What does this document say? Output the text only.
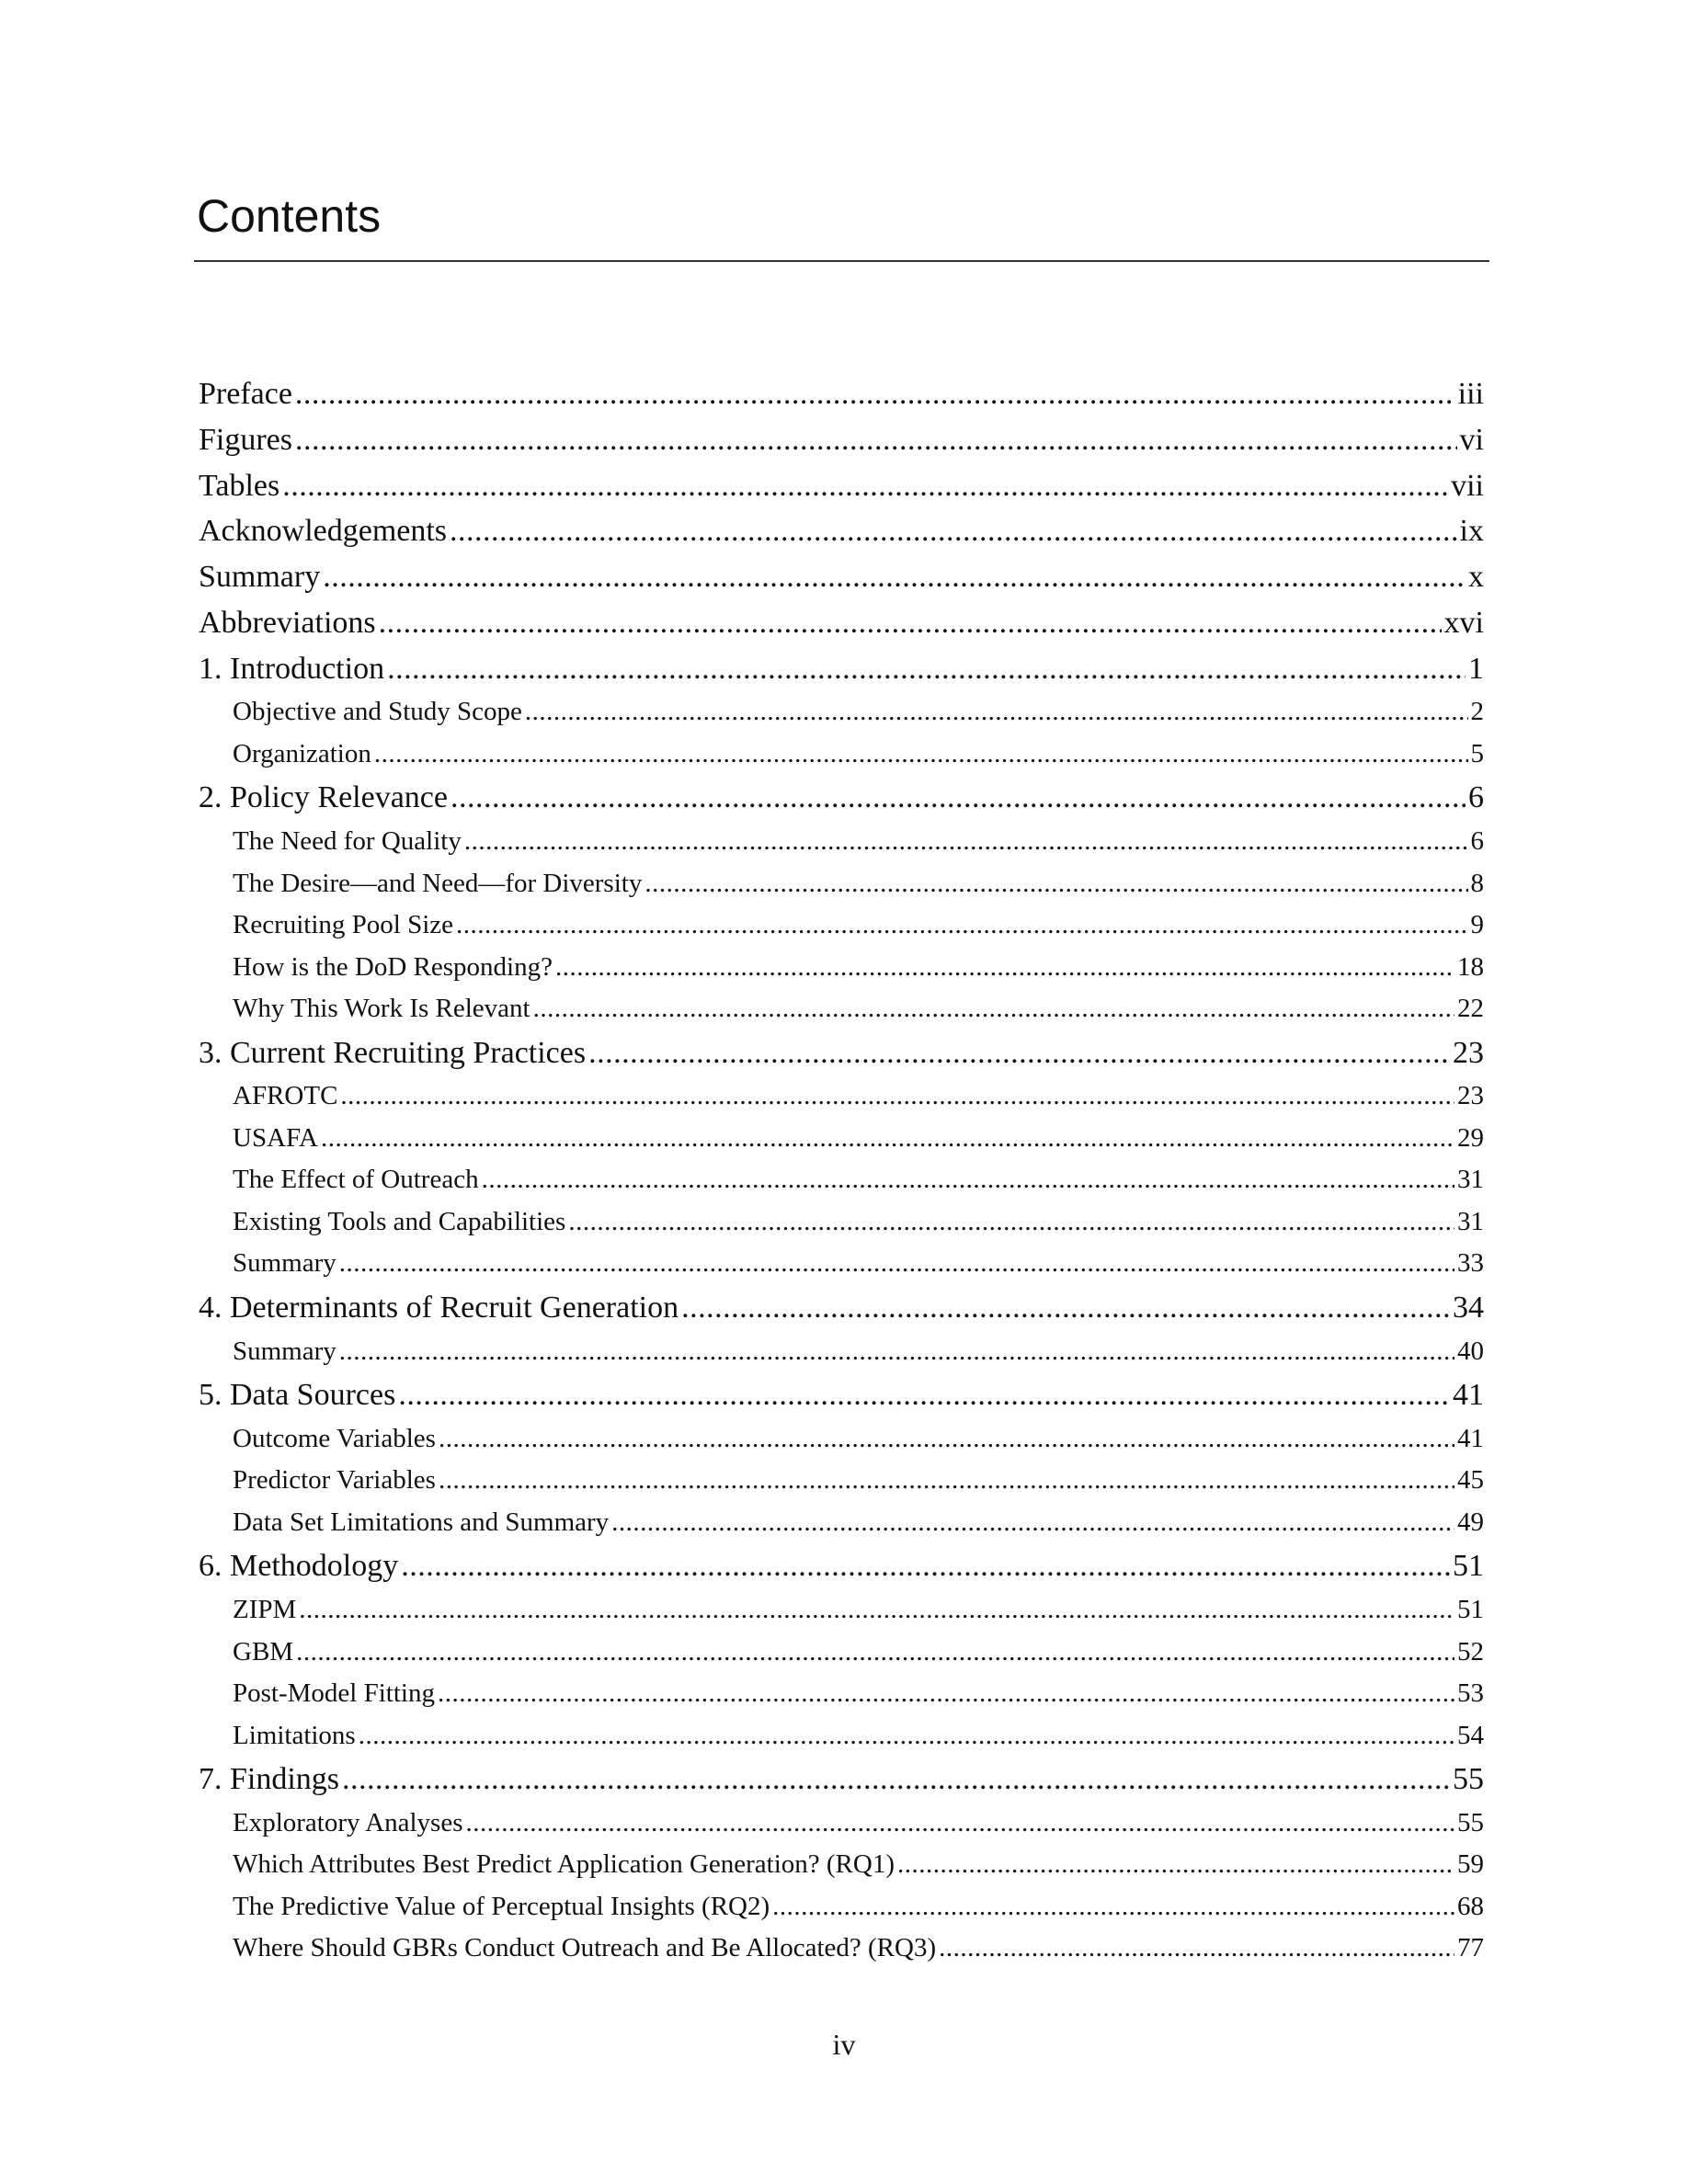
Contents
Preface .....	iii
Figures .....	vi
Tables .....	vii
Acknowledgements .....	ix
Summary .....	x
Abbreviations .....	xvi
1. Introduction .....	1
Objective and Study Scope .....	2
Organization .....	5
2. Policy Relevance .....	6
The Need for Quality .....	6
The Desire—and Need—for Diversity .....	8
Recruiting Pool Size .....	9
How is the DoD Responding? .....	18
Why This Work Is Relevant .....	22
3. Current Recruiting Practices .....	23
AFROTC .....	23
USAFA .....	29
The Effect of Outreach .....	31
Existing Tools and Capabilities .....	31
Summary .....	33
4. Determinants of Recruit Generation .....	34
Summary .....	40
5. Data Sources .....	41
Outcome Variables .....	41
Predictor Variables .....	45
Data Set Limitations and Summary .....	49
6. Methodology .....	51
ZIPM .....	51
GBM .....	52
Post-Model Fitting .....	53
Limitations .....	54
7. Findings .....	55
Exploratory Analyses .....	55
Which Attributes Best Predict Application Generation? (RQ1) .....	59
The Predictive Value of Perceptual Insights (RQ2) .....	68
Where Should GBRs Conduct Outreach and Be Allocated? (RQ3) .....	77
iv
